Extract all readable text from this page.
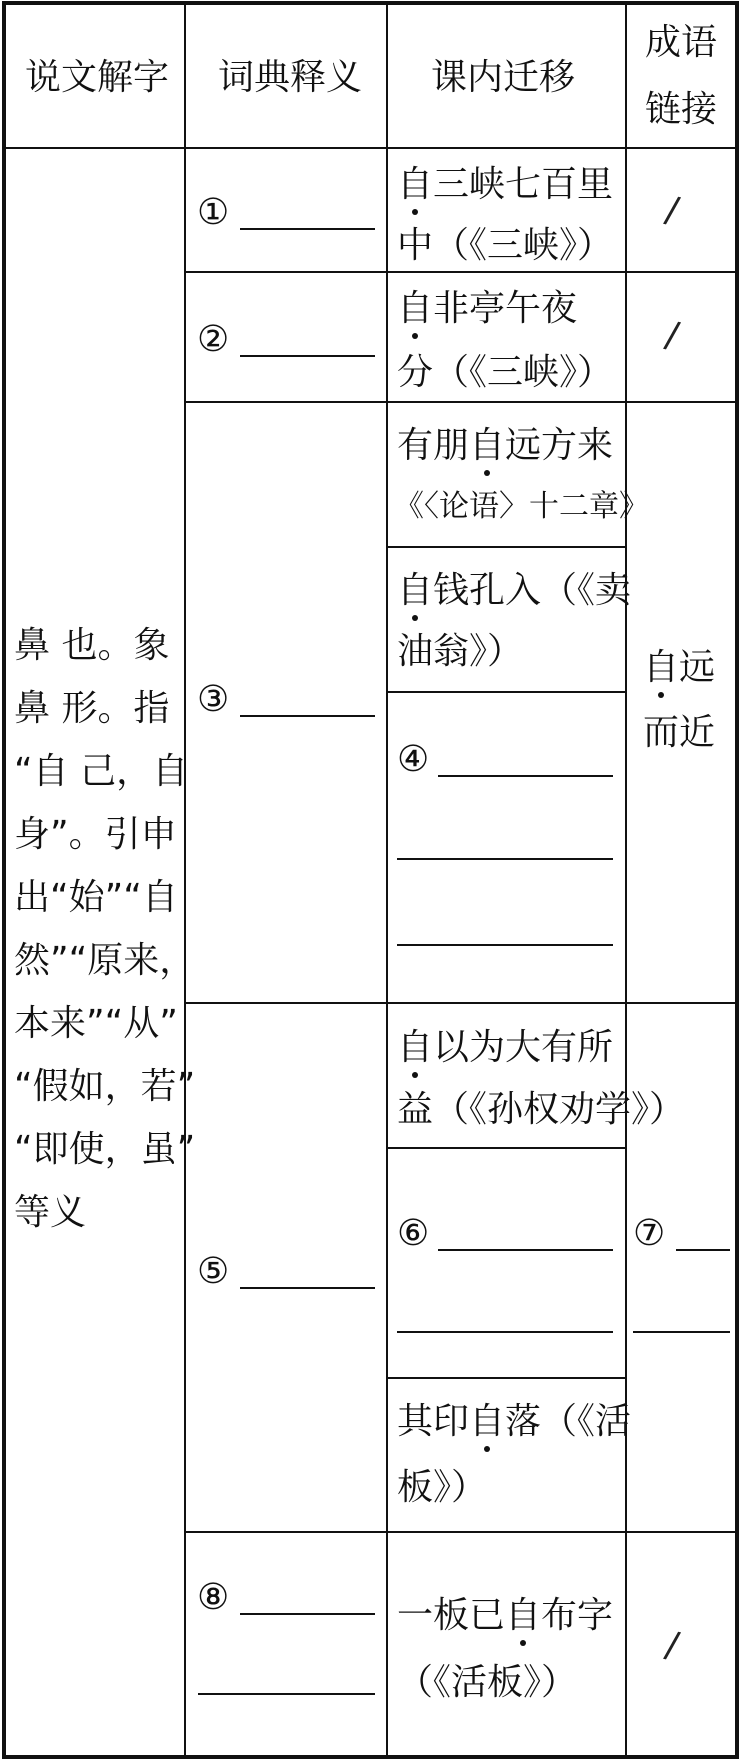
说文解字 词典释义 课内迁移
成语
链接
鼻 也。象
鼻 形。指
“自 己，自
身”。引申
出“始”“自
然”“原来，
本来”“从”
“假如，若”
“即使，虽”
等义
①
②
③
⑤
⑧
自三峡七百里
中（《三峡》）
自非亭午夜
分（《三峡》）
有朋自远方来
《〈论语〉十二章》
自钱孔入（《卖
油翁》）
④
自以为大有所
益（《孙权劝学》）
⑥
其印自落（《活
板》）
一板已自布字
（《活板》）
/
/
自远
而近
⑦
/
